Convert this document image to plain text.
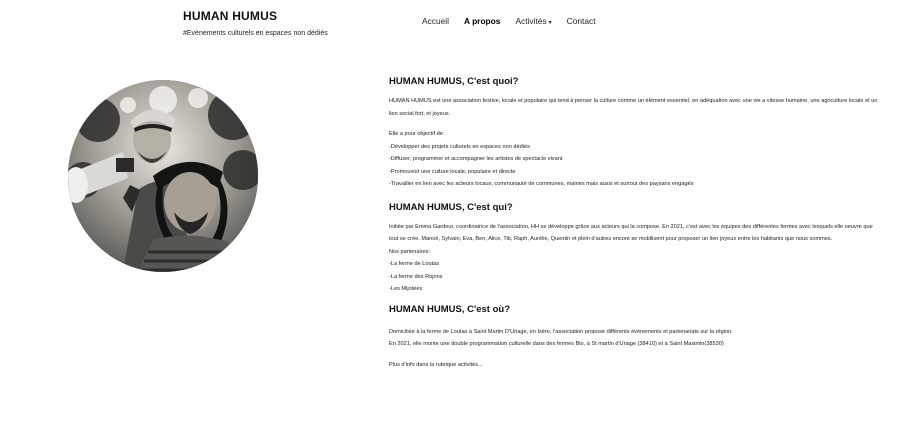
HUMAN HUMUS
#Evènements culturels en espaces non dédiés
Accueil A propos Activités ▾ Contact
HUMAN HUMUS, C'est quoi?

HUMAN HUMUS est une association festive, locale et populaire qui tend à penser la culture comme un élément essentiel, en adéquation avec une vie a vitesse humaine, une agriculture locale et un

lien social fort, et joyeux.

Elle a pour objectif de:

-Développer des projets culturels en espaces non dédiés

-Diffuser, programmer et accompagner les artistes de spectacle vivant

-Promouvoir une culture locale, populaire et directe

-Travailler en lien avec les acteurs locaux, communauté de communes, mairies mais aussi et surtout des paysans engagés

HUMAN HUMUS, C'est qui?

Initiée par Emma Gardeur, coordinatrice de l'association, HH se développe grâce aux acteurs qui la compose. En 2021, c'est avec les équipes des différentes fermes avec lesquels elle oeuvre que

tout se crée. Manoé, Sylvain, Eva, Ben, Alice, Tib, Raph, Aurélie, Quentin et plein d'autres encore se mobilisent pour proposer un lien joyeux entre les habitants que nous sommes.

Nos partenaires:

-La ferme de Loutas

-La ferme des Rojons

-Les Mijotées

HUMAN HUMUS, C'est où?

Domiciliée à la ferme de Loutas à Saint Martin D'Uriage, en Isère, l'association propose différents évènements et partenariats sur la région.

En 2021, elle monte une double programmation culturelle dans des fermes Bio, à St martin d'Uriage (38410) et à Saint Maximin(38530)

Plus d'info dans la rubrique activités...
